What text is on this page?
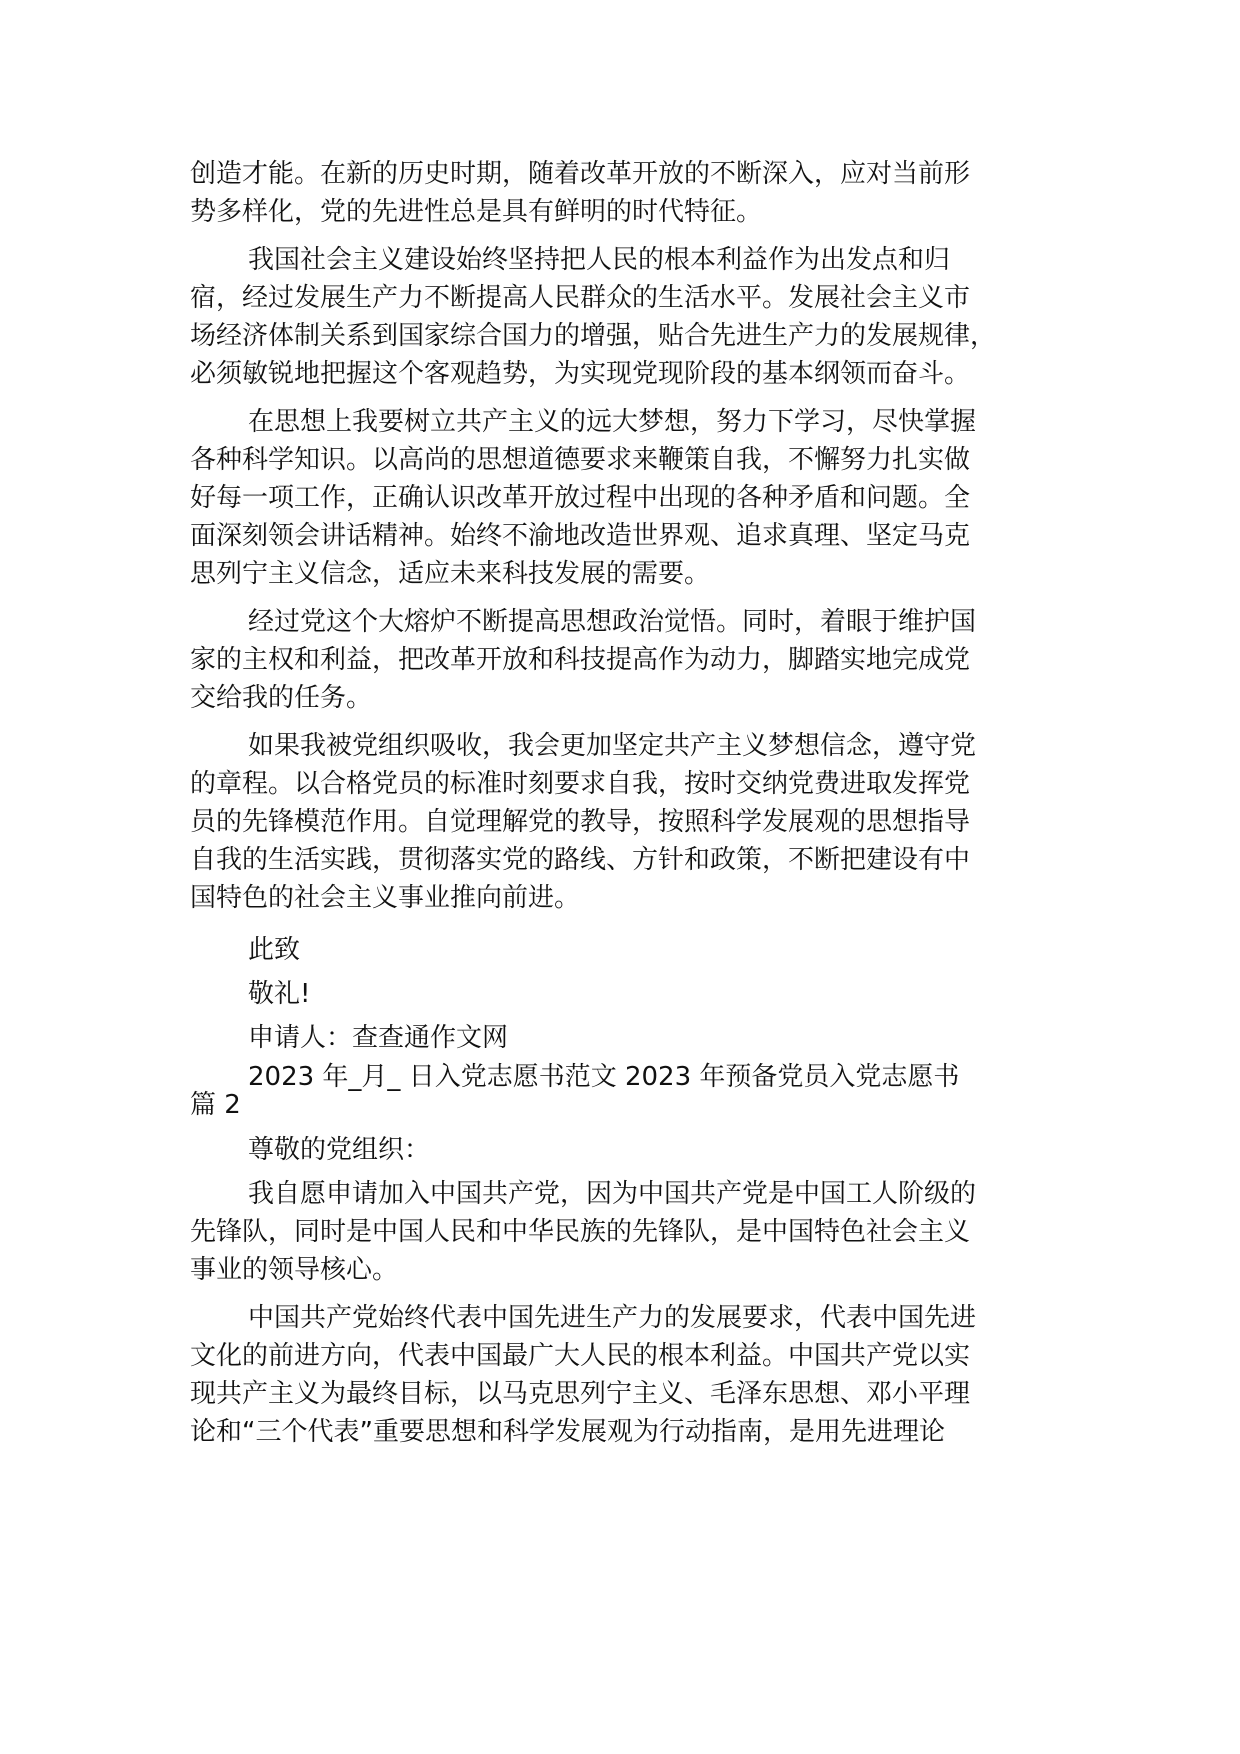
创造才能。在新的历史时期，随着改革开放的不断深入，应对当前形
势多样化，党的先进性总是具有鲜明的时代特征。
我国社会主义建设始终坚持把人民的根本利益作为出发点和归
宿，经过发展生产力不断提高人民群众的生活水平。发展社会主义市
场经济体制关系到国家综合国力的增强，贴合先进生产力的发展规律，
必须敏锐地把握这个客观趋势，为实现党现阶段的基本纲领而奋斗。
在思想上我要树立共产主义的远大梦想，努力下学习，尽快掌握
各种科学知识。以高尚的思想道德要求来鞭策自我，不懈努力扎实做
好每一项工作，正确认识改革开放过程中出现的各种矛盾和问题。全
面深刻领会讲话精神。始终不渝地改造世界观、追求真理、坚定马克
思列宁主义信念，适应未来科技发展的需要。
经过党这个大熔炉不断提高思想政治觉悟。同时，着眼于维护国
家的主权和利益，把改革开放和科技提高作为动力，脚踏实地完成党
交给我的任务。
如果我被党组织吸收，我会更加坚定共产主义梦想信念，遵守党
的章程。以合格党员的标准时刻要求自我，按时交纳党费进取发挥党
员的先锋模范作用。自觉理解党的教导，按照科学发展观的思想指导
自我的生活实践，贯彻落实党的路线、方针和政策，不断把建设有中
国特色的社会主义事业推向前进。
此致
敬礼!
申请人：查查通作文网
2023 年_月_ 日入党志愿书范文 2023 年预备党员入党志愿书
篇 2
尊敬的党组织：
我自愿申请加入中国共产党，因为中国共产党是中国工人阶级的
先锋队，同时是中国人民和中华民族的先锋队，是中国特色社会主义
事业的领导核心。
中国共产党始终代表中国先进生产力的发展要求，代表中国先进
文化的前进方向，代表中国最广大人民的根本利益。中国共产党以实
现共产主义为最终目标，以马克思列宁主义、毛泽东思想、邓小平理
论和“三个代表”重要思想和科学发展观为行动指南，是用先进理论
